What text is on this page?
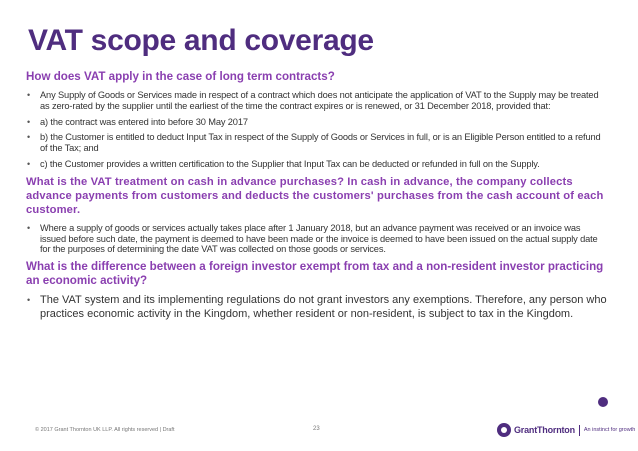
VAT scope and coverage

How does VAT apply in the case of long term contracts?

• Any Supply of Goods or Services made in respect of a contract which does not anticipate the application of VAT to the Supply may be treated as zero-rated by the supplier until the earliest of the time the contract expires or is renewed, or 31 December 2018, provided that:
• a) the contract was entered into before 30 May 2017
• b) the Customer is entitled to deduct Input Tax in respect of the Supply of Goods or Services in full, or is an Eligible Person entitled to a refund of the Tax; and
• c) the Customer provides a written certification to the Supplier that Input Tax can be deducted or refunded in full on the Supply.

What is the VAT treatment on cash in advance purchases? In cash in advance, the company collects advance payments from customers and deducts the customers' purchases from the cash account of each customer.

• Where a supply of goods or services actually takes place after 1 January 2018, but an advance payment was received or an invoice was issued before such date, the payment is deemed to have been made or the invoice is deemed to have been issued on the actual supply date for the purposes of determining the date VAT was collected on those goods or services.

What is the difference between a foreign investor exempt from tax and a non-resident investor practicing an economic activity?

• The VAT system and its implementing regulations do not grant investors any exemptions. Therefore, any person who practices economic activity in the Kingdom, whether resident or non-resident, is subject to tax in the Kingdom.
© 2017 Grant Thornton UK LLP. All rights reserved | Draft	23	GrantThornton An instinct for growth
